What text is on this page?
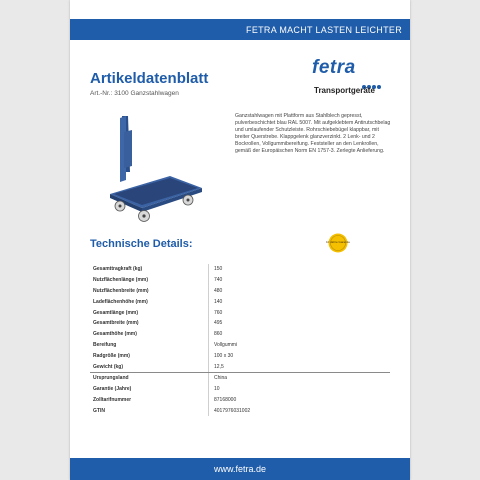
FETRA MACHT LASTEN LEICHTER
Artikeldatenblatt
Art.-Nr.: 3100 Ganzstahlwagen
fetra
Transportgeräte
Ganzstahlwagen mit Plattform aus Stahlblech gepresst, pulverbeschichtet blau RAL 5007. Mit aufgeklebtem Antirutschbelag und umlaufender Schutzleiste. Rohrschiebebügel klappbar, mit breiter Querstrebe. Klappgelenk glanzverzinkt. 2 Lenk- und 2 Bockrollen, Vollgummibereifung. Feststeller an den Lenkrollen, gemäß der Europäischen Norm EN 1757-3. Zerlegte Anlieferung.
Technische Details:	10 Jahre Garantie
Gesamttragkraft (kg)	150
Nutzflächenlänge (mm)	740
Nutzflächenbreite (mm)	480
Ladeflächenhöhe (mm)	140
Gesamtlänge (mm)	760
Gesamtbreite (mm)	495
Gesamthöhe (mm)	860
Bereifung	Vollgummi
Radgröße (mm)	100 x 30
Gewicht (kg)	12,5
Ursprungsland	China
Garantie (Jahre)	10
Zolltarifnummer	87168000
GTIN	4017976031002
www.fetra.de
